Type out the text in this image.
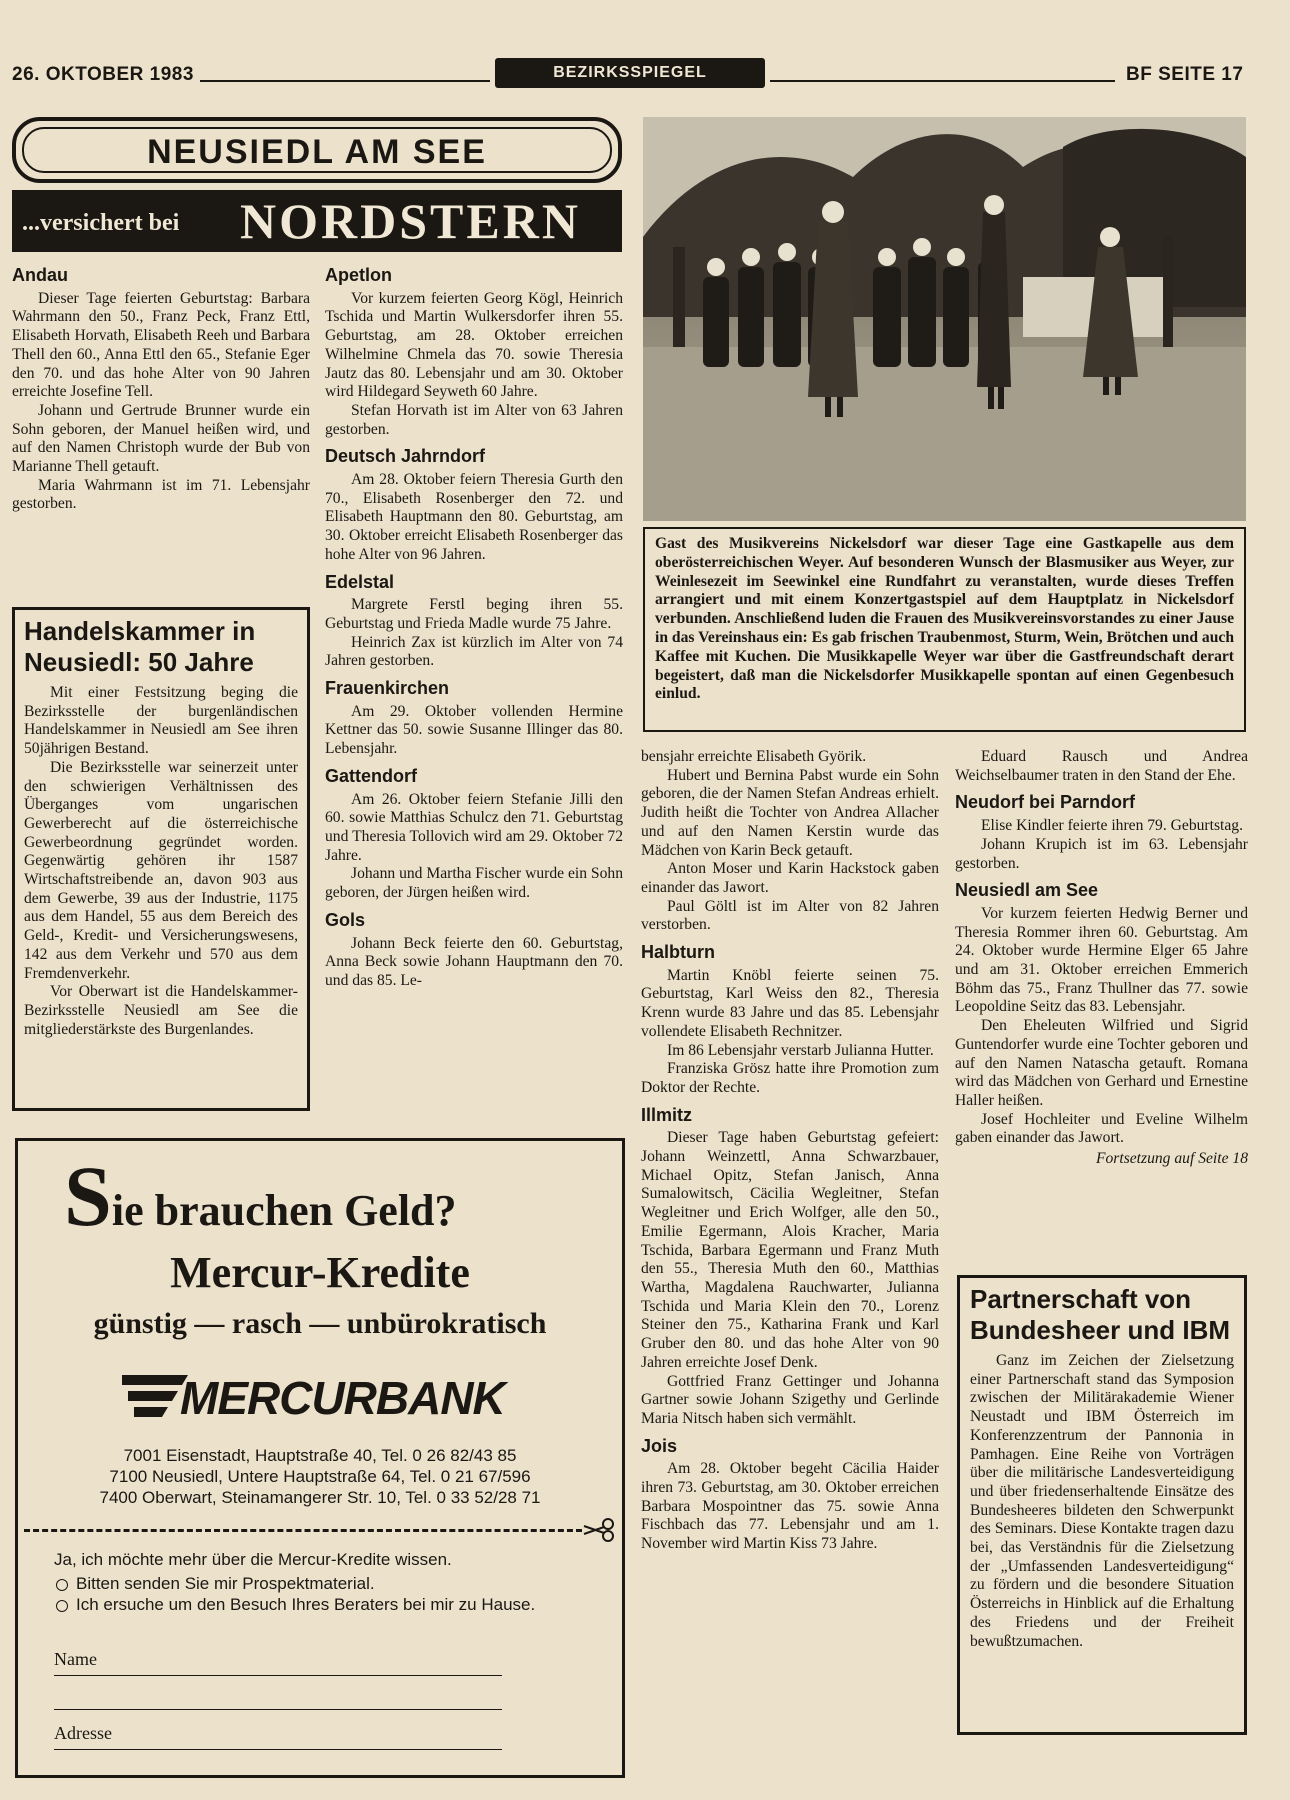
26. OKTOBER 1983	BEZIRKSSPIEGEL	BF SEITE 17
NEUSIEDL AM SEE
...versichert bei NORDSTERN
Andau

Dieser Tage feierten Geburtstag: Barbara Wahrmann den 50., Franz Peck, Franz Ettl, Elisabeth Horvath, Elisabeth Reeh und Barbara Thell den 60., Anna Ettl den 65., Stefanie Eger den 70. und das hohe Alter von 90 Jahren erreichte Josefine Tell.

Johann und Gertrude Brunner wurde ein Sohn geboren, der Manuel heißen wird, und auf den Namen Christoph wurde der Bub von Marianne Thell getauft.

Maria Wahrmann ist im 71. Lebensjahr gestorben.

Handelskammer in Neusiedl: 50 Jahre

Mit einer Festsitzung beging die Bezirksstelle der burgenländischen Handelskammer in Neusiedl am See ihren 50jährigen Bestand.

Die Bezirksstelle war seinerzeit unter den schwierigen Verhältnissen des Überganges vom ungarischen Gewerberecht auf die österreichische Gewerbeordnung gegründet worden. Gegenwärtig gehören ihr 1587 Wirtschaftstreibende an, davon 903 aus dem Gewerbe, 39 aus der Industrie, 1175 aus dem Handel, 55 aus dem Bereich des Geld-, Kredit- und Versicherungswesens, 142 aus dem Verkehr und 570 aus dem Fremdenverkehr.

Vor Oberwart ist die Handelskammer-Bezirksstelle Neusiedl am See die mitgliederstärkste des Burgenlandes.

Apetlon

Vor kurzem feierten Georg Kögl, Heinrich Tschida und Martin Wulkersdorfer ihren 55. Geburtstag, am 28. Oktober erreichen Wilhelmine Chmela das 70. sowie Theresia Jautz das 80. Lebensjahr und am 30. Oktober wird Hildegard Seyweth 60 Jahre.

Stefan Horvath ist im Alter von 63 Jahren gestorben.

Deutsch Jahrndorf

Am 28. Oktober feiern Theresia Gurth den 70., Elisabeth Rosenberger den 72. und Elisabeth Hauptmann den 80. Geburtstag, am 30. Oktober erreicht Elisabeth Rosenberger das hohe Alter von 96 Jahren.

Edelstal

Margrete Ferstl beging ihren 55. Geburtstag und Frieda Madle wurde 75 Jahre.

Heinrich Zax ist kürzlich im Alter von 74 Jahren gestorben.

Frauenkirchen

Am 29. Oktober vollenden Hermine Kettner das 50. sowie Susanne Illinger das 80. Lebensjahr.

Gattendorf

Am 26. Oktober feiern Stefanie Jilli den 60. sowie Matthias Schulcz den 71. Geburtstag und Theresia Tollovich wird am 29. Oktober 72 Jahre.

Johann und Martha Fischer wurde ein Sohn geboren, der Jürgen heißen wird.

Gols

Johann Beck feierte den 60. Geburtstag, Anna Beck sowie Johann Hauptmann den 70. und das 85. Le-

Gast des Musikvereins Nickelsdorf war dieser Tage eine Gastkapelle aus dem oberösterreichischen Weyer. Auf besonderen Wunsch der Blasmusiker aus Weyer, zur Weinlesezeit im Seewinkel eine Rundfahrt zu veranstalten, wurde dieses Treffen arrangiert und mit einem Konzertgastspiel auf dem Hauptplatz in Nickelsdorf verbunden. Anschließend luden die Frauen des Musikvereinsvorstandes zu einer Jause in das Vereinshaus ein: Es gab frischen Traubenmost, Sturm, Wein, Brötchen und auch Kaffee mit Kuchen. Die Musikkapelle Weyer war über die Gastfreundschaft derart begeistert, daß man die Nickelsdorfer Musikkapelle spontan auf einen Gegenbesuch einlud.

bensjahr erreichte Elisabeth Györik.

Hubert und Bernina Pabst wurde ein Sohn geboren, die der Namen Stefan Andreas erhielt. Judith heißt die Tochter von Andrea Allacher und auf den Namen Kerstin wurde das Mädchen von Karin Beck getauft.

Anton Moser und Karin Hackstock gaben einander das Jawort.

Paul Göltl ist im Alter von 82 Jahren verstorben.

Halbturn

Martin Knöbl feierte seinen 75. Geburtstag, Karl Weiss den 82., Theresia Krenn wurde 83 Jahre und das 85. Lebensjahr vollendete Elisabeth Rechnitzer.

Im 86 Lebensjahr verstarb Julianna Hutter.

Franziska Grösz hatte ihre Promotion zum Doktor der Rechte.

Illmitz

Dieser Tage haben Geburtstag gefeiert: Johann Weinzettl, Anna Schwarzbauer, Michael Opitz, Stefan Janisch, Anna Sumalowitsch, Cäcilia Wegleitner, Stefan Wegleitner und Erich Wolfger, alle den 50., Emilie Egermann, Alois Kracher, Maria Tschida, Barbara Egermann und Franz Muth den 55., Theresia Muth den 60., Matthias Wartha, Magdalena Rauchwarter, Julianna Tschida und Maria Klein den 70., Lorenz Steiner den 75., Katharina Frank und Karl Gruber den 80. und das hohe Alter von 90 Jahren erreichte Josef Denk.

Gottfried Franz Gettinger und Johanna Gartner sowie Johann Szigethy und Gerlinde Maria Nitsch haben sich vermählt.

Jois

Am 28. Oktober begeht Cäcilia Haider ihren 73. Geburtstag, am 30. Oktober erreichen Barbara Mospointner das 75. sowie Anna Fischbach das 77. Lebensjahr und am 1. November wird Martin Kiss 73 Jahre.

Eduard Rausch und Andrea Weichselbaumer traten in den Stand der Ehe.

Neudorf bei Parndorf

Elise Kindler feierte ihren 79. Geburtstag.

Johann Krupich ist im 63. Lebensjahr gestorben.

Neusiedl am See

Vor kurzem feierten Hedwig Berner und Theresia Rommer ihren 60. Geburtstag. Am 24. Oktober wurde Hermine Elger 65 Jahre und am 31. Oktober erreichen Emmerich Böhm das 75., Franz Thullner das 77. sowie Leopoldine Seitz das 83. Lebensjahr.

Den Eheleuten Wilfried und Sigrid Guntendorfer wurde eine Tochter geboren und auf den Namen Natascha getauft. Romana wird das Mädchen von Gerhard und Ernestine Haller heißen.

Josef Hochleiter und Eveline Wilhelm gaben einander das Jawort.

Fortsetzung auf Seite 18

Partnerschaft von Bundesheer und IBM

Ganz im Zeichen der Zielsetzung einer Partnerschaft stand das Symposion zwischen der Militärakademie Wiener Neustadt und IBM Österreich im Konferenzzentrum der Pannonia in Pamhagen. Eine Reihe von Vorträgen über die militärische Landesverteidigung und über friedenserhaltende Einsätze des Bundesheeres bildeten den Schwerpunkt des Seminars. Diese Kontakte tragen dazu bei, das Verständnis für die Zielsetzung der „Umfassenden Landesverteidigung“ zu fördern und die besondere Situation Österreichs in Hinblick auf die Erhaltung des Friedens und der Freiheit bewußtzumachen.

Sie brauchen Geld?
Mercur-Kredite
günstig — rasch — unbürokratisch
MERCURBANK
7001 Eisenstadt, Hauptstraße 40, Tel. 0 26 82/43 85
7100 Neusiedl, Untere Hauptstraße 64, Tel. 0 21 67/596
7400 Oberwart, Steinamangerer Str. 10, Tel. 0 33 52/28 71
Ja, ich möchte mehr über die Mercur-Kredite wissen.
Bitten senden Sie mir Prospektmaterial.
Ich ersuche um den Besuch Ihres Beraters bei mir zu Hause.
Name
Adresse
